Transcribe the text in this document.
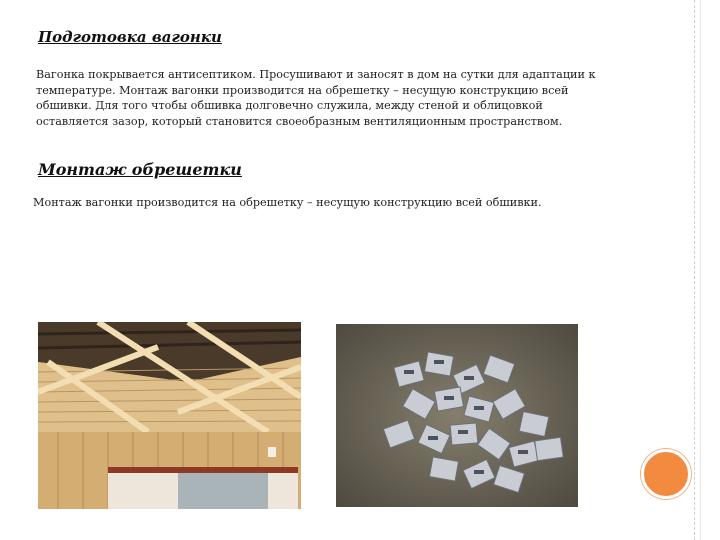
Подготовка вагонки

Вагонка покрывается антисептиком. Просушивают и заносят в дом на сутки для адаптации к температуре. Монтаж вагонки производится на обрешетку – несущую конструкцию всей обшивки. Для того чтобы обшивка долговечно служила, между стеной и облицовкой оставляется зазор, который становится своеобразным вентиляционным пространством.

Монтаж обрешетки

Монтаж вагонки производится на обрешетку – несущую конструкцию всей обшивки.
